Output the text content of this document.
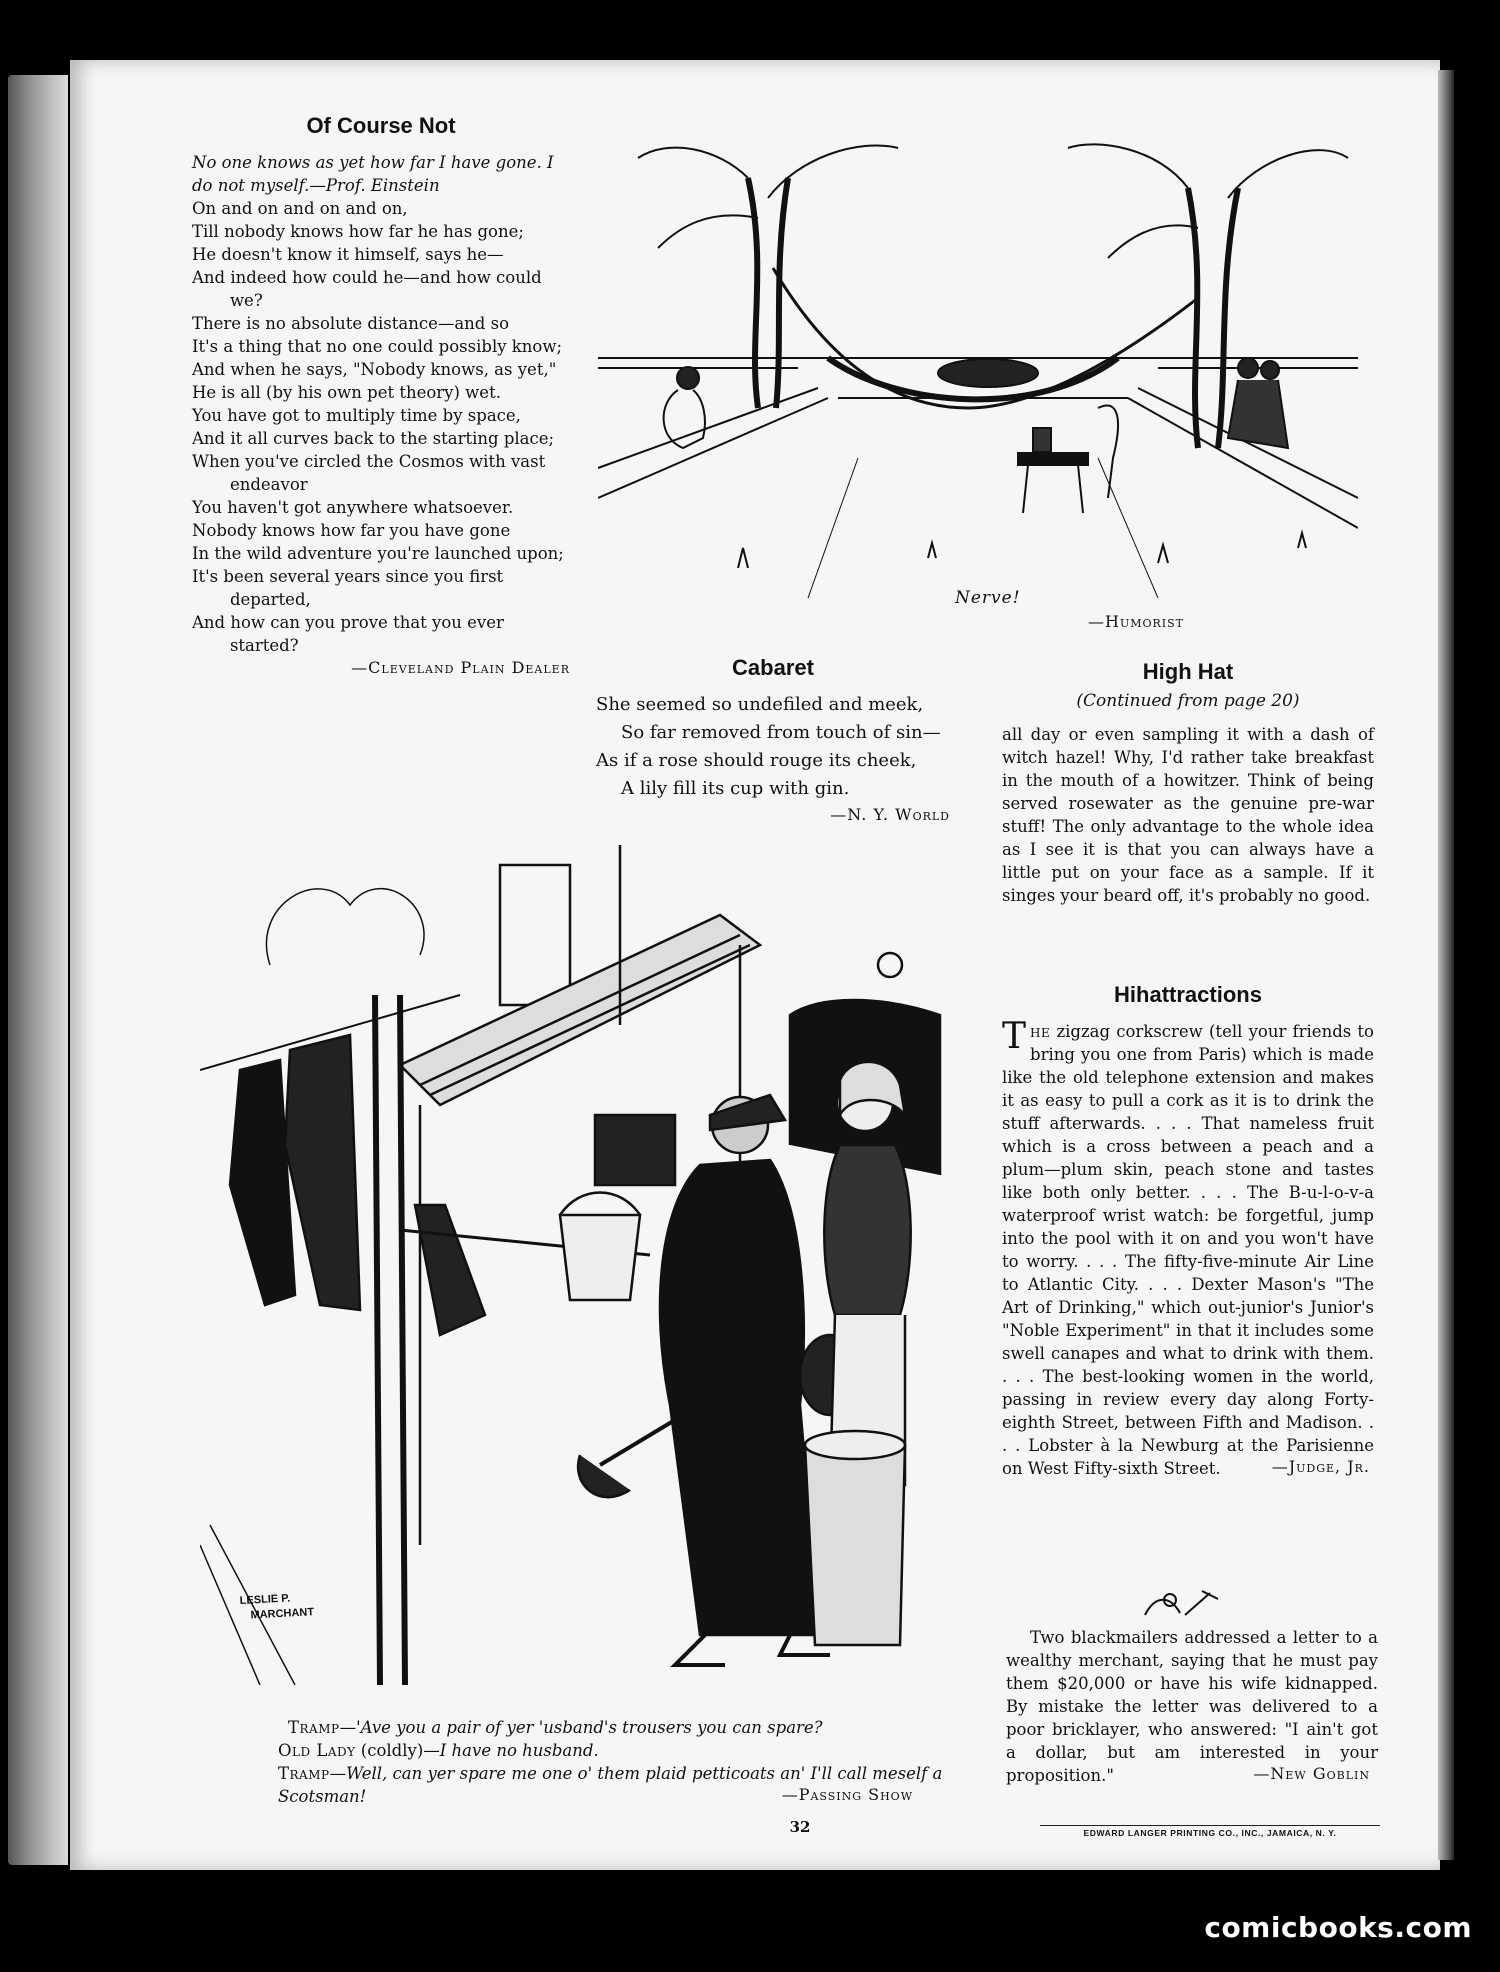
Of Course Not
No one knows as yet how far I have gone. I do not myself.—Prof. Einstein
On and on and on and on,
Till nobody knows how far he has gone;
He doesn't know it himself, says he—
And indeed how could he—and how could we?
There is no absolute distance—and so
It's a thing that no one could possibly know;
And when he says, "Nobody knows, as yet,"
He is all (by his own pet theory) wet.
You have got to multiply time by space,
And it all curves back to the starting place;
When you've circled the Cosmos with vast endeavor
You haven't got anywhere whatsoever.
Nobody knows how far you have gone
In the wild adventure you're launched upon;
It's been several years since you first departed,
And how can you prove that you ever started?
—Cleveland Plain Dealer
Nerve!
—Humorist
Cabaret
She seemed so undefiled and meek,
So far removed from touch of sin—
As if a rose should rouge its cheek,
A lily fill its cup with gin.
—N. Y. World
High Hat
(Continued from page 20)

all day or even sampling it with a dash of witch hazel! Why, I'd rather take breakfast in the mouth of a howitzer. Think of being served rosewater as the genuine pre-war stuff! The only advantage to the whole idea as I see it is that you can always have a little put on your face as a sample. If it singes your beard off, it's probably no good.

Hihattractions

The zigzag corkscrew (tell your friends to bring you one from Paris) which is made like the old telephone extension and makes it as easy to pull a cork as it is to drink the stuff afterwards. . . . That nameless fruit which is a cross between a peach and a plum—plum skin, peach stone and tastes like both only better. . . . The B-u-l-o-v-a waterproof wrist watch: be forgetful, jump into the pool with it on and you won't have to worry. . . . The fifty-five-minute Air Line to Atlantic City. . . . Dexter Mason's "The Art of Drinking," which out-junior's Junior's "Noble Experiment" in that it includes some swell canapes and what to drink with them. . . . The best-looking women in the world, passing in review every day along Forty-eighth Street, between Fifth and Madison. . . . Lobster à la Newburg at the Parisienne on West Fifty-sixth Street.	—Judge, Jr.

Two blackmailers addressed a letter to a wealthy merchant, saying that he must pay them $20,000 or have his wife kidnapped. By mistake the letter was delivered to a poor bricklayer, who answered: "I ain't got a dollar, but am interested in your proposition."	—New Goblin
LESLIE P.
MARCHANT

Tramp—'Ave you a pair of yer 'usband's trousers you can spare?

Old Lady (coldly)—I have no husband.

Tramp—Well, can yer spare me one o' them plaid petticoats an' I'll call meself a Scotsman!	—Passing Show
32	EDWARD LANGER PRINTING CO., INC., JAMAICA, N. Y.
comicbooks.com
